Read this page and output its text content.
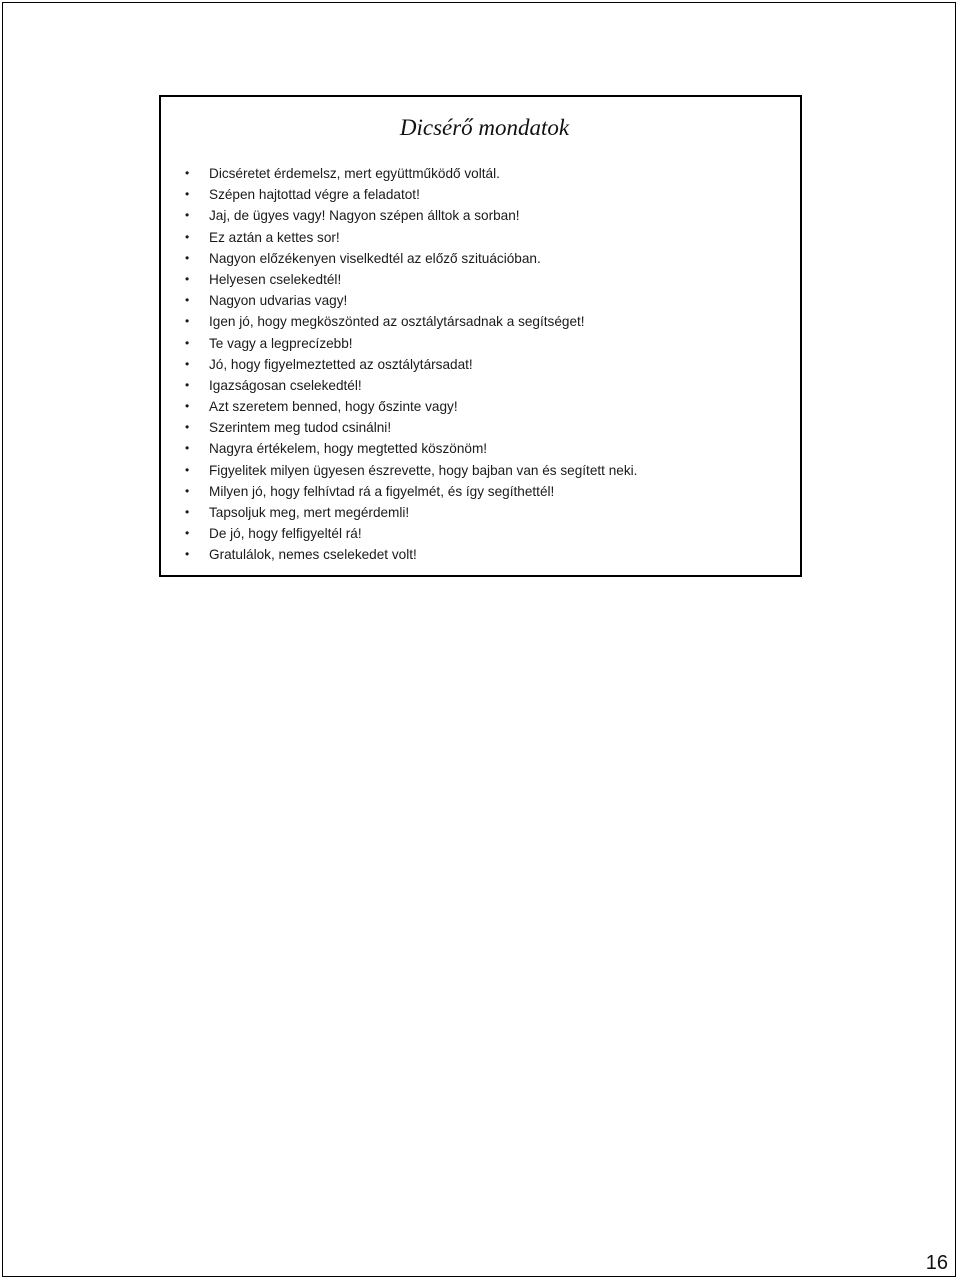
Dicsérő mondatok
• Dicséretet érdemelsz, mert együttműködő voltál.
• Szépen hajtottad végre a feladatot!
• Jaj, de ügyes vagy! Nagyon szépen álltok a sorban!
• Ez aztán a kettes sor!
• Nagyon előzékenyen viselkedtél az előző szituációban.
• Helyesen cselekedtél!
• Nagyon udvarias vagy!
• Igen jó, hogy megköszönted az osztálytársadnak a segítséget!
• Te vagy a legprecízebb!
• Jó, hogy figyelmeztetted az osztálytársadat!
• Igazságosan cselekedtél!
• Azt szeretem benned, hogy őszinte vagy!
• Szerintem meg tudod csinálni!
• Nagyra értékelem, hogy megtetted köszönöm!
• Figyelitek milyen ügyesen észrevette, hogy bajban van és segített neki.
• Milyen jó, hogy felhívtad rá a figyelmét, és így segíthettél!
• Tapsoljuk meg, mert megérdemli!
• De jó, hogy felfigyeltél rá!
• Gratulálok, nemes cselekedet volt!
16
